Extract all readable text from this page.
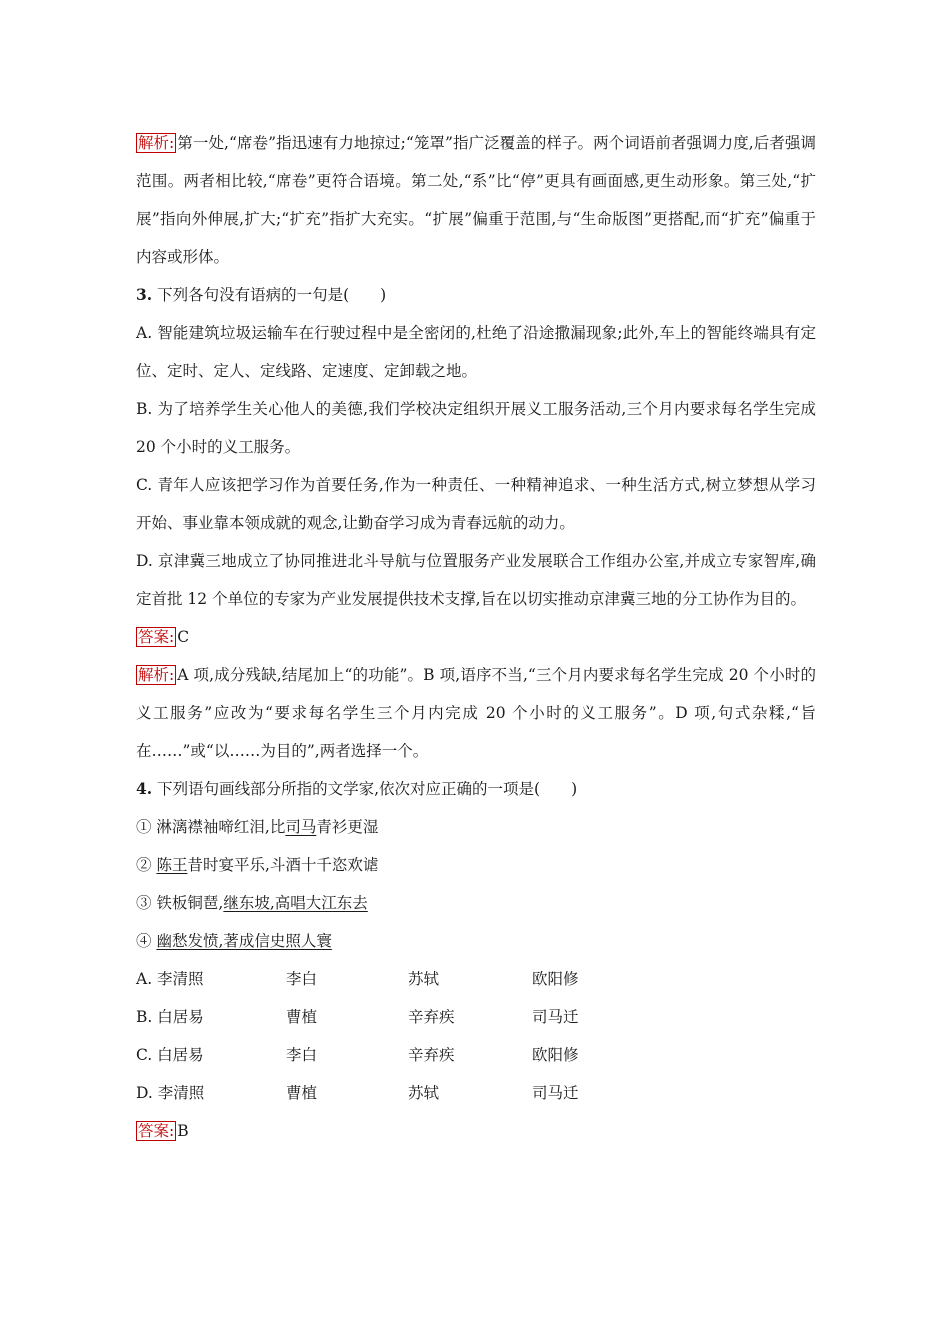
解析: 第一处,“席卷”指迅速有力地掠过;“笼罩”指广泛覆盖的样子。两个词语前者强调力度,后者强调范围。两者相比较,“席卷”更符合语境。第二处,“系”比“停”更具有画面感,更生动形象。第三处,“扩展”指向外伸展,扩大;“扩充”指扩大充实。“扩展”偏重于范围,与“生命版图”更搭配,而“扩充”偏重于内容或形体。

3. 下列各句没有语病的一句是(　　)

A. 智能建筑垃圾运输车在行驶过程中是全密闭的,杜绝了沿途撒漏现象;此外,车上的智能终端具有定位、定时、定人、定线路、定速度、定卸载之地。

B. 为了培养学生关心他人的美德,我们学校决定组织开展义工服务活动,三个月内要求每名学生完成 20 个小时的义工服务。

C. 青年人应该把学习作为首要任务,作为一种责任、一种精神追求、一种生活方式,树立梦想从学习开始、事业靠本领成就的观念,让勤奋学习成为青春远航的动力。

D. 京津冀三地成立了协同推进北斗导航与位置服务产业发展联合工作组办公室,并成立专家智库,确定首批 12 个单位的专家为产业发展提供技术支撑,旨在以切实推动京津冀三地的分工协作为目的。

答案: C

解析: A 项,成分残缺,结尾加上“的功能”。B 项,语序不当,“三个月内要求每名学生完成 20 个小时的义工服务”应改为“要求每名学生三个月内完成 20 个小时的义工服务”。D 项,句式杂糅,“旨在……”或“以……为目的”,两者选择一个。

4. 下列语句画线部分所指的文学家,依次对应正确的一项是(　　)

① 淋漓襟袖啼红泪,比司马青衫更湿

② 陈王昔时宴平乐,斗酒十千恣欢谑

③ 铁板铜琶,继东坡,高唱大江东去

④ 幽愁发愤,著成信史照人寰

A. 李清照	李白	苏轼	欧阳修
B. 白居易	曹植	辛弃疾	司马迁
C. 白居易	李白	辛弃疾	欧阳修
D. 李清照	曹植	苏轼	司马迁

答案: B
